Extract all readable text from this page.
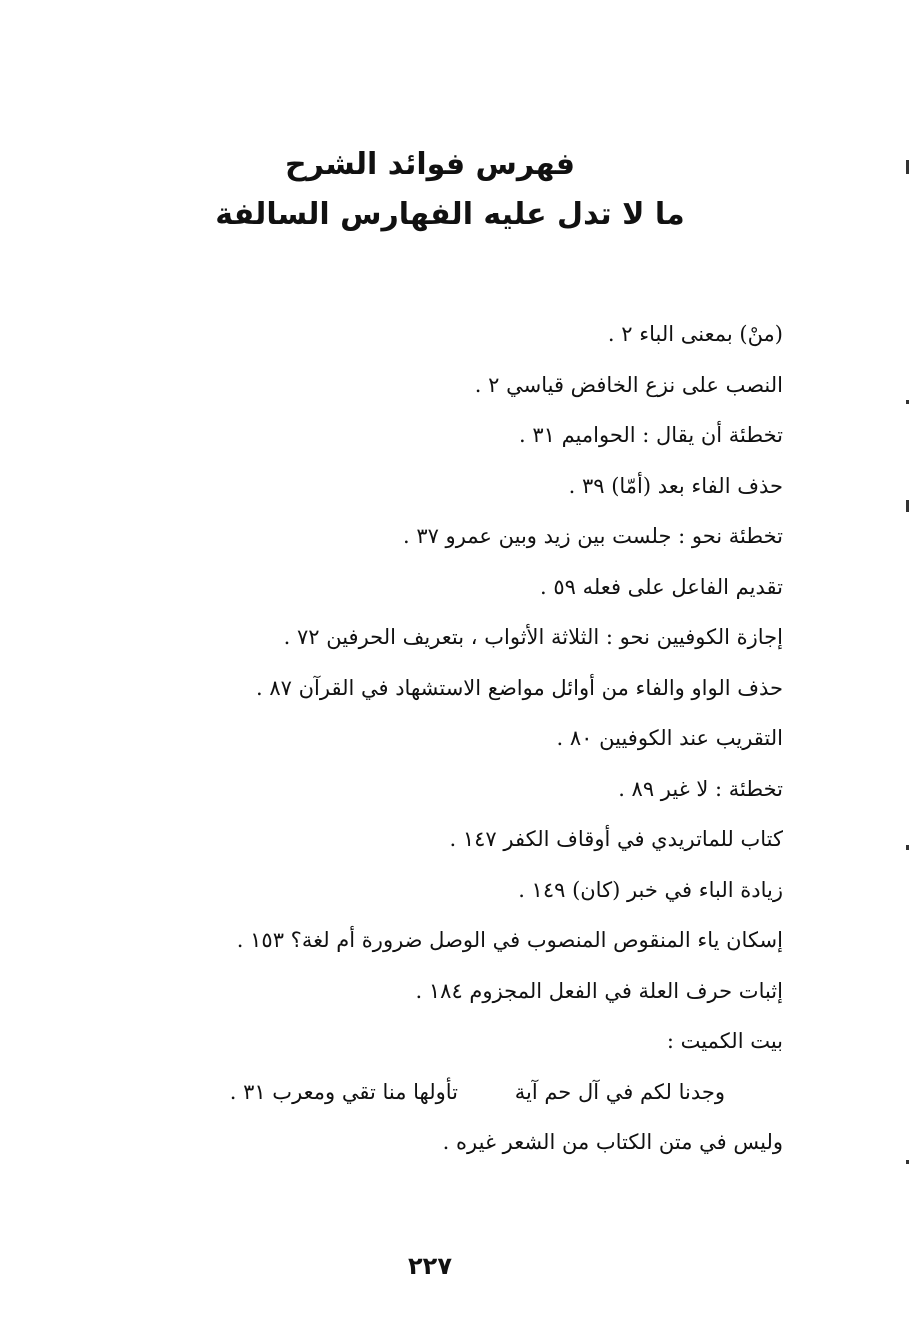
فهرس فوائد الشرح
ما لا تدل عليه الفهارس السالفة
(منْ) بمعنى الباء ٢ .
النصب على نزع الخافض قياسي ٢ .
تخطئة أن يقال : الحواميم ٣١ .
حذف الفاء بعد (أمّا) ٣٩ .
تخطئة نحو : جلست بين زيد وبين عمرو ٣٧ .
تقديم الفاعل على فعله ٥٩ .
إجازة الكوفيين نحو : الثلاثة الأثواب ، بتعريف الحرفين ٧٢ .
حذف الواو والفاء من أوائل مواضع الاستشهاد في القرآن ٨٧ .
التقريب عند الكوفيين ٨٠ .
تخطئة : لا غير ٨٩ .
كتاب للماتريدي في أوقاف الكفر ١٤٧ .
زيادة الباء في خبر (كان) ١٤٩ .
إسكان ياء المنقوص المنصوب في الوصل ضرورة أم لغة؟ ١٥٣ .
إثبات حرف العلة في الفعل المجزوم ١٨٤ .
بيت الكميت :
وجدنا لكم في آل حم آية تأولها منا تقي ومعرب ٣١ .
وليس في متن الكتاب من الشعر غيره .
٢٢٧
